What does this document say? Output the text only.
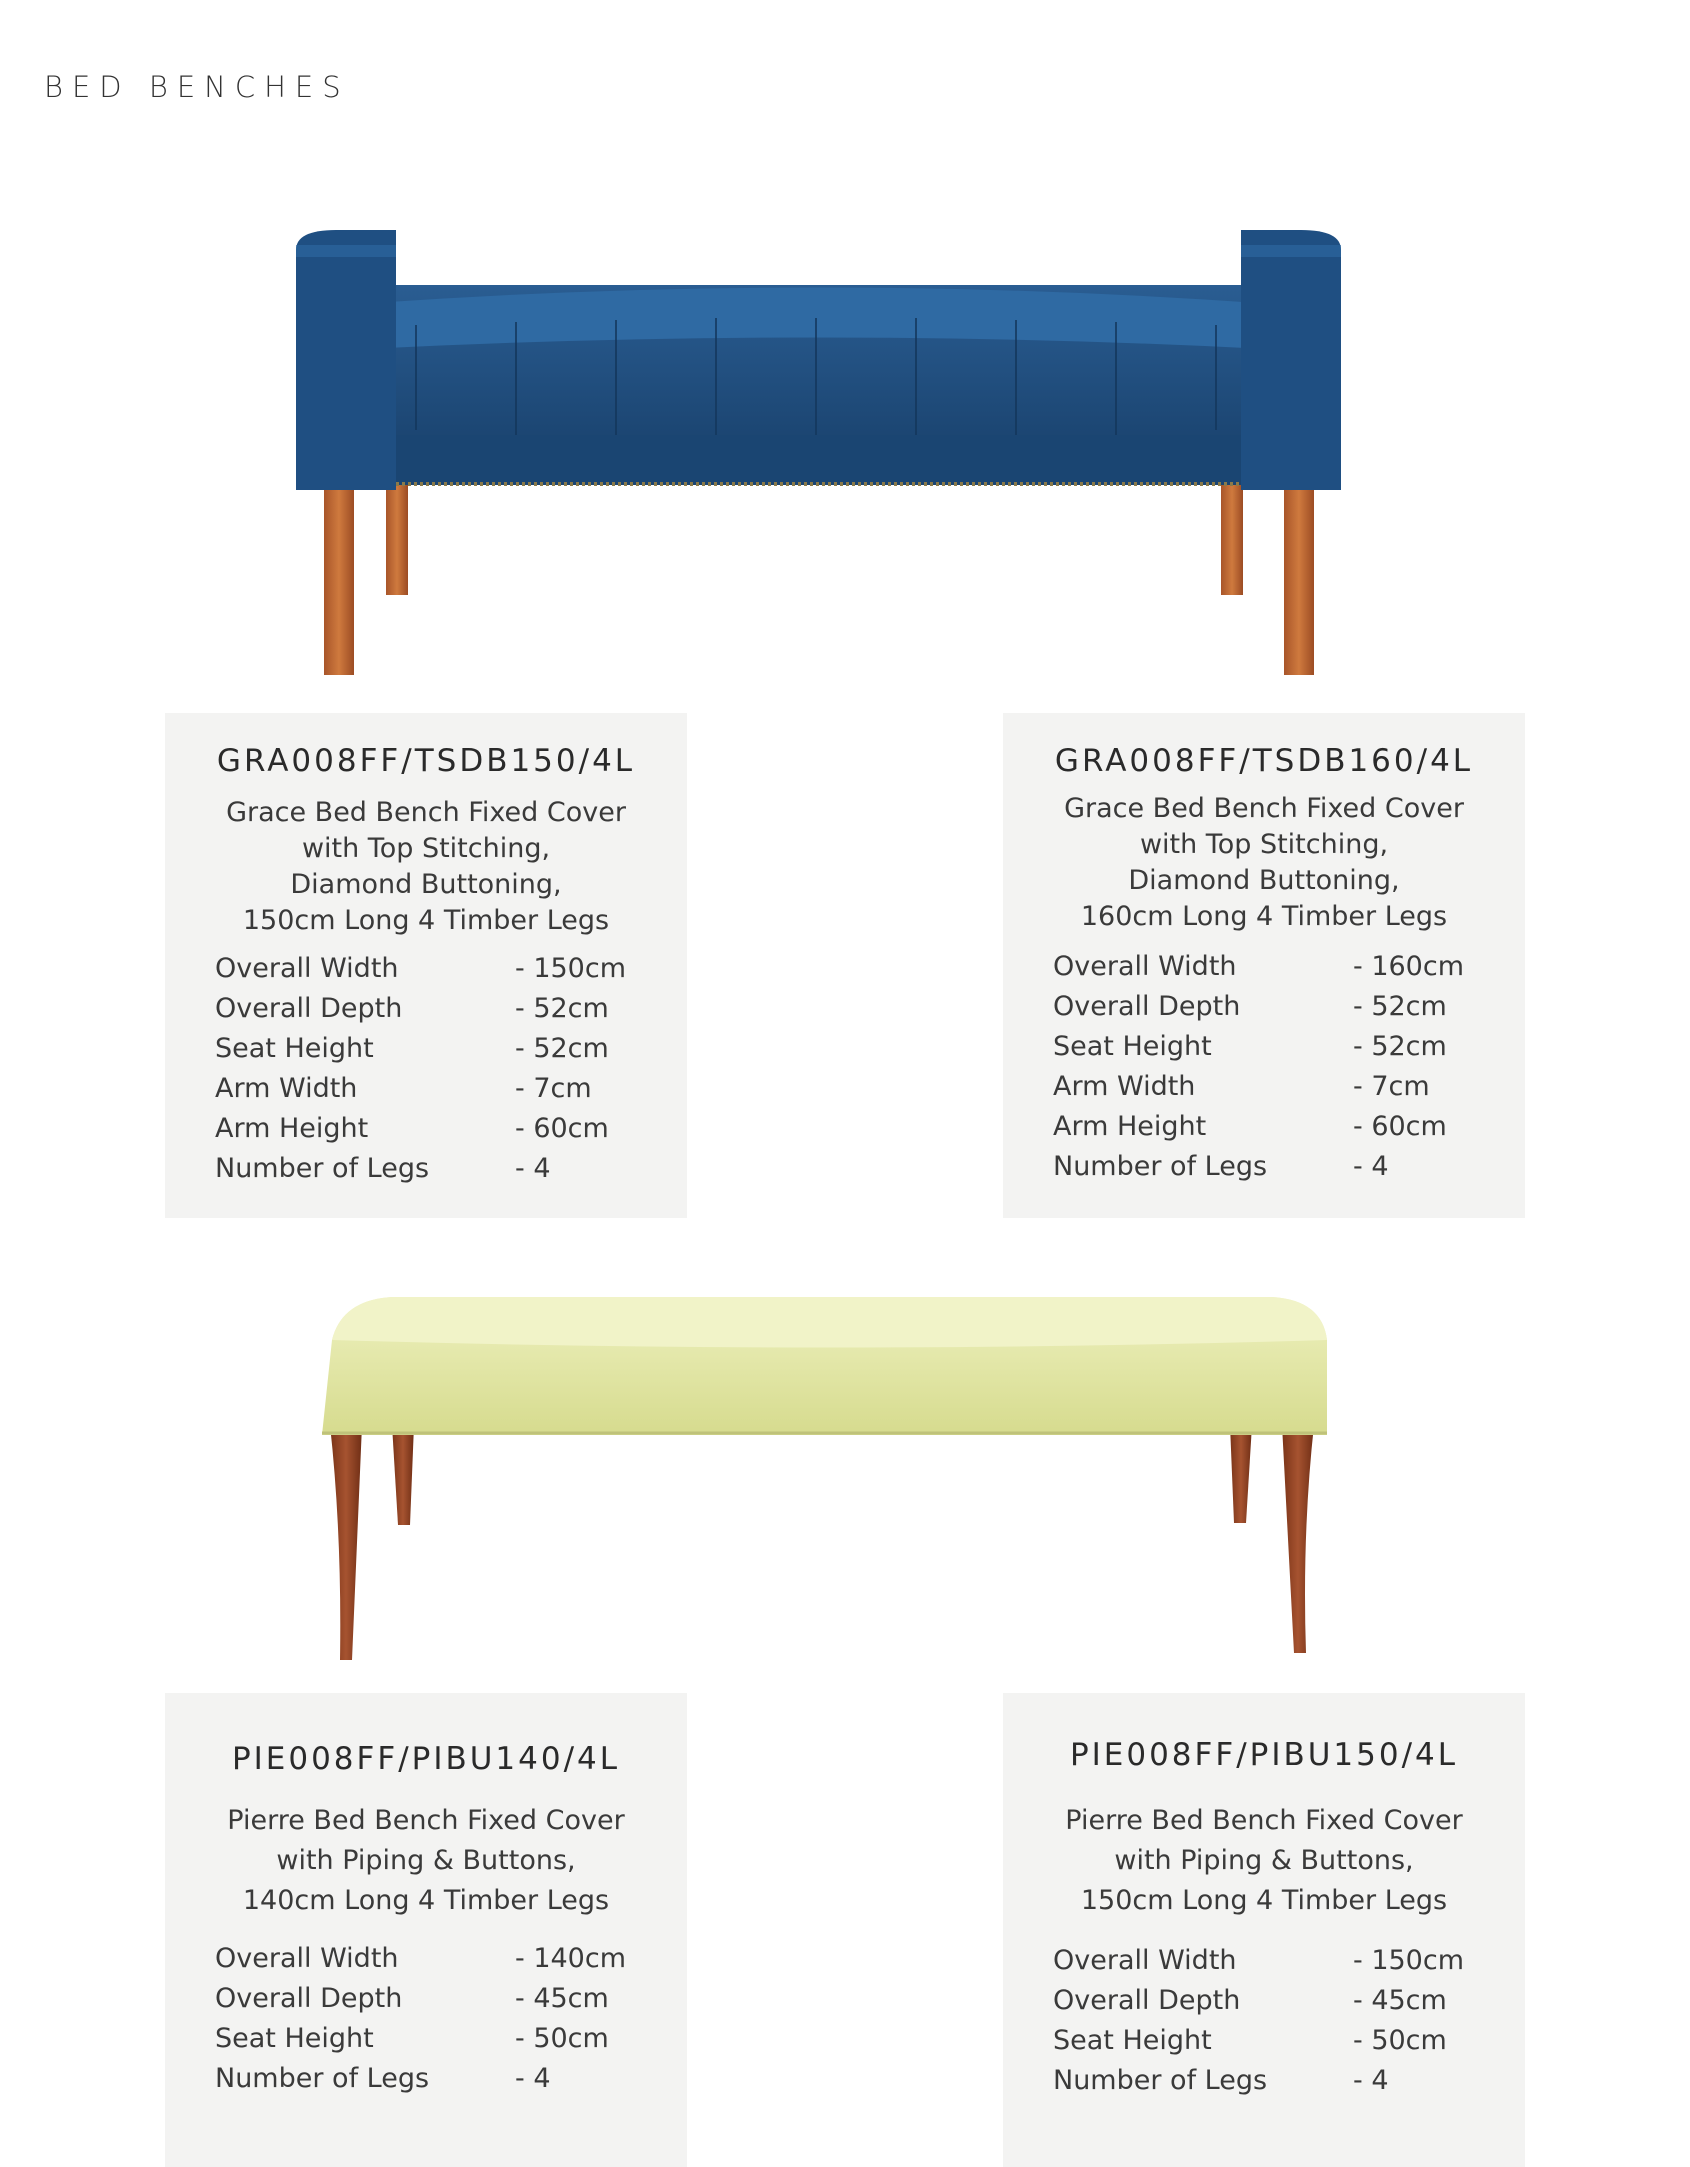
BED BENCHES
GRA008FF/TSDB150/4L
Grace Bed Bench Fixed Cover
with Top Stitching,
Diamond Buttoning,
150cm Long 4 Timber Legs
Overall Width	- 150cm
Overall Depth	- 52cm
Seat Height	- 52cm
Arm Width	- 7cm
Arm Height	- 60cm
Number of Legs	- 4
GRA008FF/TSDB160/4L
Grace Bed Bench Fixed Cover
with Top Stitching,
Diamond Buttoning,
160cm Long 4 Timber Legs
Overall Width	- 160cm
Overall Depth	- 52cm
Seat Height	- 52cm
Arm Width	- 7cm
Arm Height	- 60cm
Number of Legs	- 4
PIE008FF/PIBU140/4L
Pierre Bed Bench Fixed Cover
with Piping & Buttons,
140cm Long 4 Timber Legs
Overall Width	- 140cm
Overall Depth	- 45cm
Seat Height	- 50cm
Number of Legs	- 4
PIE008FF/PIBU150/4L
Pierre Bed Bench Fixed Cover
with Piping & Buttons,
150cm Long 4 Timber Legs
Overall Width	- 150cm
Overall Depth	- 45cm
Seat Height	- 50cm
Number of Legs	- 4
